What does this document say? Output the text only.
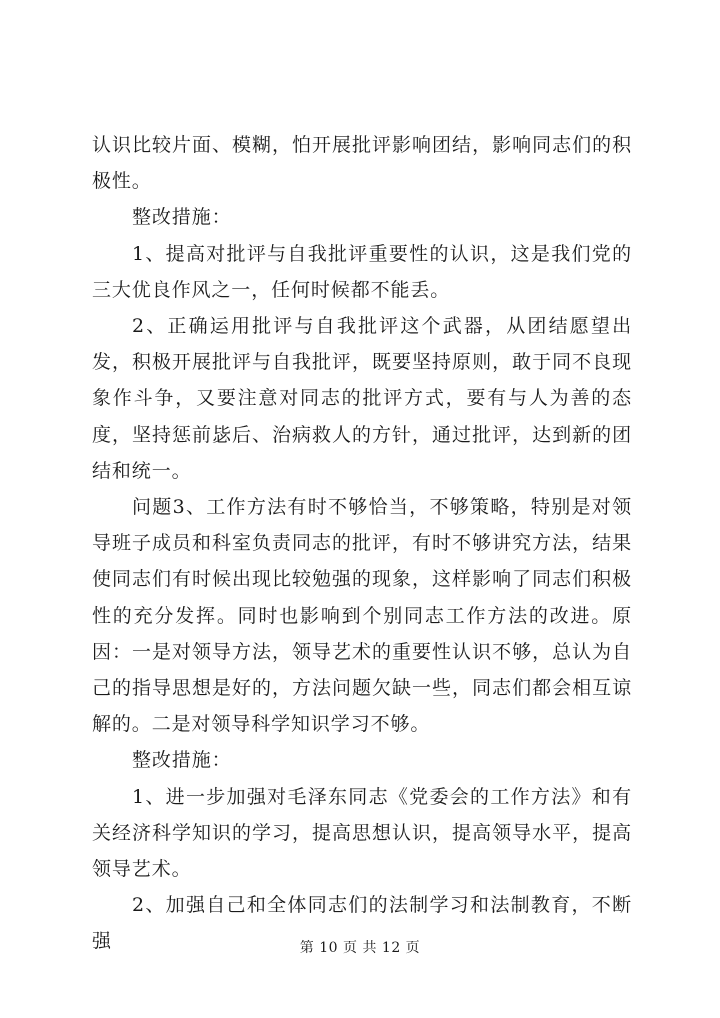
认识比较片面、模糊，怕开展批评影响团结，影响同志们的积极性。

整改措施：

1、提高对批评与自我批评重要性的认识，这是我们党的三大优良作风之一，任何时候都不能丢。

2、正确运用批评与自我批评这个武器，从团结愿望出发，积极开展批评与自我批评，既要坚持原则，敢于同不良现象作斗争，又要注意对同志的批评方式，要有与人为善的态度，坚持惩前毖后、治病救人的方针，通过批评，达到新的团结和统一。

问题3、工作方法有时不够恰当，不够策略，特别是对领导班子成员和科室负责同志的批评，有时不够讲究方法，结果使同志们有时候出现比较勉强的现象，这样影响了同志们积极性的充分发挥。同时也影响到个别同志工作方法的改进。原因：一是对领导方法，领导艺术的重要性认识不够，总认为自己的指导思想是好的，方法问题欠缺一些，同志们都会相互谅解的。二是对领导科学知识学习不够。

整改措施：

1、进一步加强对毛泽东同志《党委会的工作方法》和有关经济科学知识的学习，提高思想认识，提高领导水平，提高领导艺术。

2、加强自己和全体同志们的法制学习和法制教育，不断强	第 10 页 共 12 页
